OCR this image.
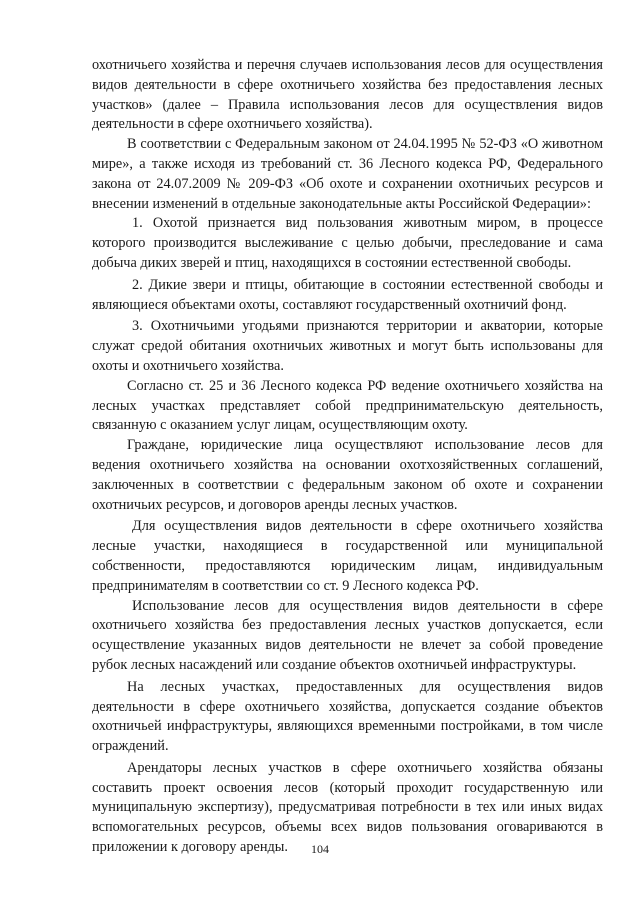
охотничьего хозяйства и перечня случаев использования лесов для осуществления видов деятельности в сфере охотничьего хозяйства без предоставления лесных участков» (далее – Правила использования лесов для осуществления видов деятельности в сфере охотничьего хозяйства).

В соответствии с Федеральным законом от 24.04.1995 № 52-ФЗ «О животном мире», а также исходя из требований ст. 36 Лесного кодекса РФ, Федерального закона от 24.07.2009 № 209-ФЗ «Об охоте и сохранении охотничьих ресурсов и внесении изменений в отдельные законодательные акты Российской Федерации»:

1. Охотой признается вид пользования животным миром, в процессе которого производится выслеживание с целью добычи, преследование и сама добыча диких зверей и птиц, находящихся в состоянии естественной свободы.

2. Дикие звери и птицы, обитающие в состоянии естественной свободы и являющиеся объектами охоты, составляют государственный охотничий фонд.

3. Охотничьими угодьями признаются территории и акватории, которые служат средой обитания охотничьих животных и могут быть использованы для охоты и охотничьего хозяйства.

Согласно ст. 25 и 36 Лесного кодекса РФ ведение охотничьего хозяйства на лесных участках представляет собой предпринимательскую деятельность, связанную с оказанием услуг лицам, осуществляющим охоту.

Граждане, юридические лица осуществляют использование лесов для ведения охотничьего хозяйства на основании охотхозяйственных соглашений, заключенных в соответствии с федеральным законом об охоте и сохранении охотничьих ресурсов, и договоров аренды лесных участков.

Для осуществления видов деятельности в сфере охотничьего хозяйства лесные участки, находящиеся в государственной или муниципальной собственности, предоставляются юридическим лицам, индивидуальным предпринимателям в соответствии со ст. 9 Лесного кодекса РФ.

Использование лесов для осуществления видов деятельности в сфере охотничьего хозяйства без предоставления лесных участков допускается, если осуществление указанных видов деятельности не влечет за собой проведение рубок лесных насаждений или создание объектов охотничьей инфраструктуры.

На лесных участках, предоставленных для осуществления видов деятельности в сфере охотничьего хозяйства, допускается создание объектов охотничьей инфраструктуры, являющихся временными постройками, в том числе ограждений.

Арендаторы лесных участков в сфере охотничьего хозяйства обязаны составить проект освоения лесов (который проходит государственную или муниципальную экспертизу), предусматривая потребности в тех или иных видах вспомогательных ресурсов, объемы всех видов пользования оговариваются в приложении к договору аренды.	104
